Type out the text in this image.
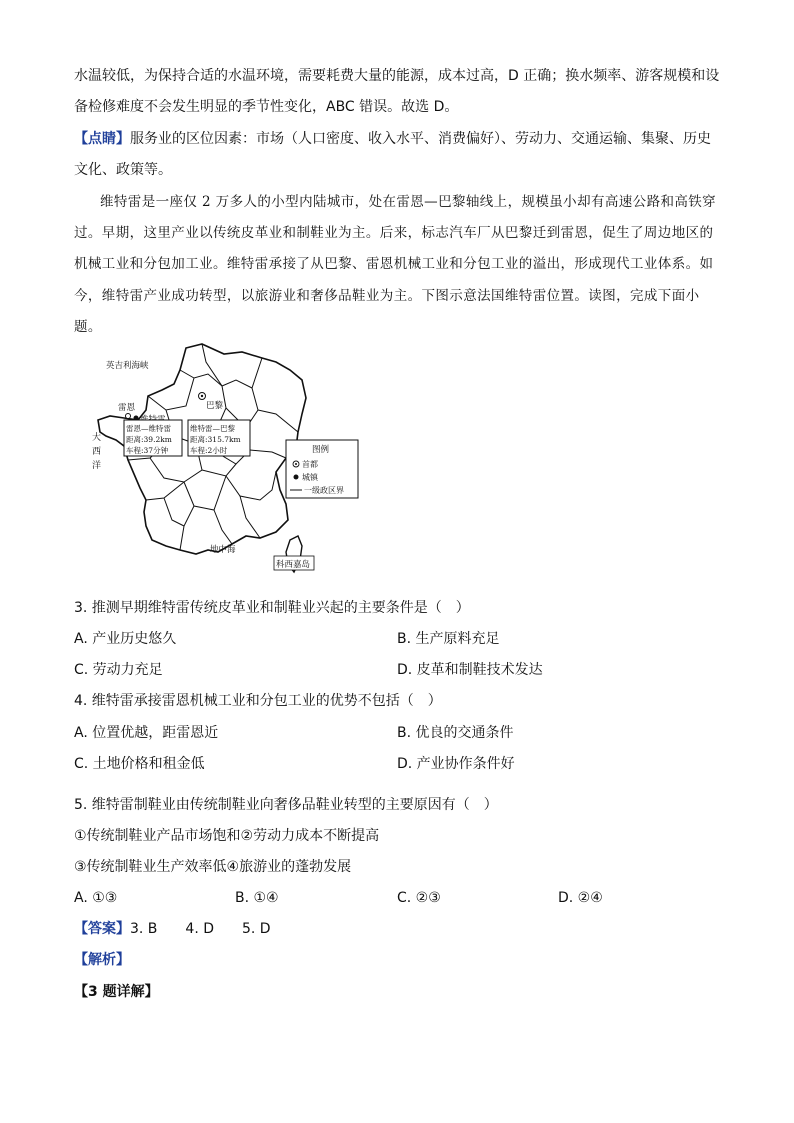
水温较低，为保持合适的水温环境，需要耗费大量的能源，成本过高，D 正确；换水频率、游客规模和设
备检修难度不会发生明显的季节性变化，ABC 错误。故选 D。
【点睛】服务业的区位因素：市场（人口密度、收入水平、消费偏好）、劳动力、交通运输、集聚、历史
文化、政策等。
维特雷是一座仅 2 万多人的小型内陆城市，处在雷恩—巴黎轴线上，规模虽小却有高速公路和高铁穿
过。早期，这里产业以传统皮革业和制鞋业为主。后来，标志汽车厂从巴黎迁到雷恩，促生了周边地区的
机械工业和分包加工业。维特雷承接了从巴黎、雷恩机械工业和分包工业的溢出，形成现代工业体系。如
今，维特雷产业成功转型，以旅游业和奢侈品鞋业为主。下图示意法国维特雷位置。读图，完成下面小
题。
科西嘉岛
巴黎
雷恩
英吉利海峡
大
西
洋
地中海
雷恩—维特雷
距离:39.2km
车程:37分钟
维特雷—巴黎
距离:315.7km
车程:2小时	图例
首都
城镇
一级政区界
3. 推测早期维特雷传统皮革业和制鞋业兴起的主要条件是（　）
A. 产业历史悠久	B. 生产原料充足
C. 劳动力充足	D. 皮革和制鞋技术发达
4. 维特雷承接雷恩机械工业和分包工业的优势不包括（　）
A. 位置优越，距雷恩近	B. 优良的交通条件
C. 土地价格和租金低	D. 产业协作条件好
5. 维特雷制鞋业由传统制鞋业向奢侈品鞋业转型的主要原因有（　）
①传统制鞋业产品市场饱和②劳动力成本不断提高
③传统制鞋业生产效率低④旅游业的蓬勃发展
A. ①③	B. ①④	C. ②③	D. ②④
【答案】3. B　　4. D　　5. D
【解析】
【3 题详解】
